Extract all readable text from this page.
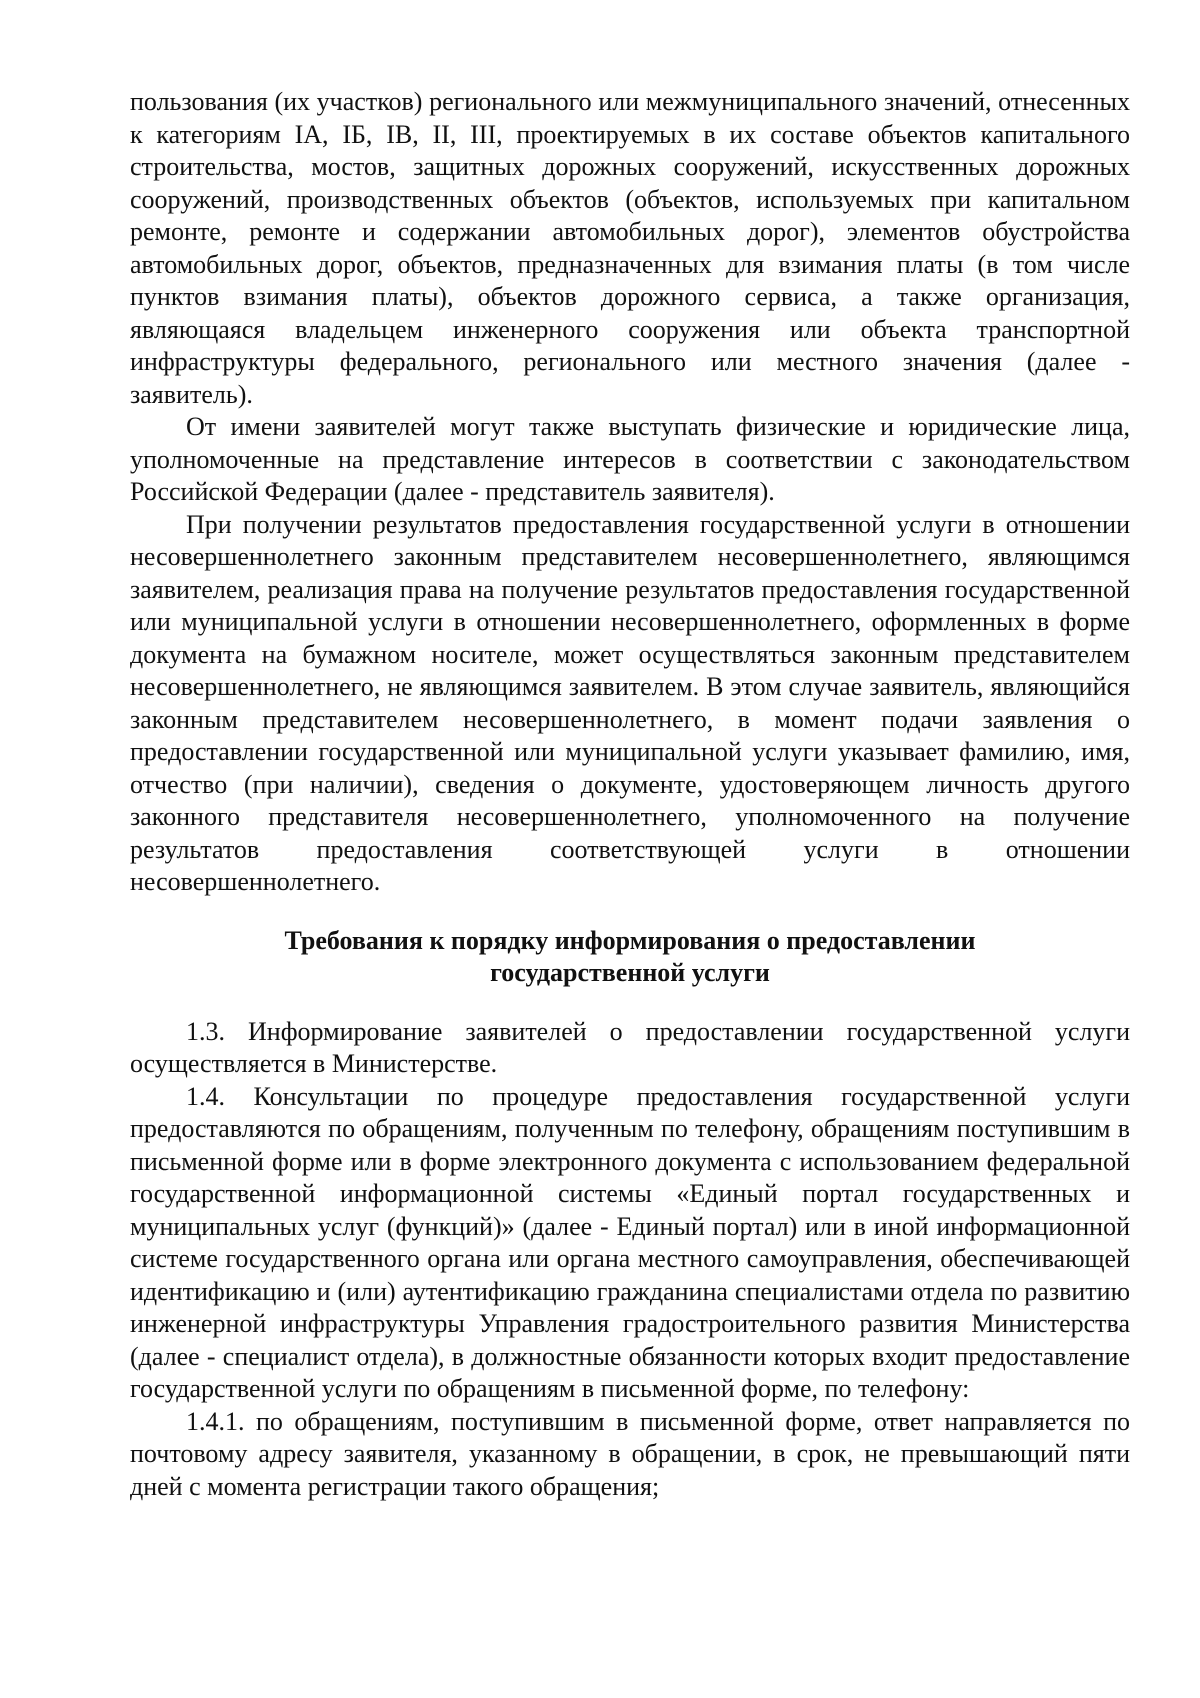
пользования (их участков) регионального или межмуниципального значений, отнесенных к категориям IA, IБ, IB, II, III, проектируемых в их составе объектов капитального строительства, мостов, защитных дорожных сооружений, искусственных дорожных сооружений, производственных объектов (объектов, используемых при капитальном ремонте, ремонте и содержании автомобильных дорог), элементов обустройства автомобильных дорог, объектов, предназначенных для взимания платы (в том числе пунктов взимания платы), объектов дорожного сервиса, а также организация, являющаяся владельцем инженерного сооружения или объекта транспортной инфраструктуры федерального, регионального или местного значения (далее - заявитель).

От имени заявителей могут также выступать физические и юридические лица, уполномоченные на представление интересов в соответствии с законодательством Российской Федерации (далее - представитель заявителя).

При получении результатов предоставления государственной услуги в отношении несовершеннолетнего законным представителем несовершеннолетнего, являющимся заявителем, реализация права на получение результатов предоставления государственной или муниципальной услуги в отношении несовершеннолетнего, оформленных в форме документа на бумажном носителе, может осуществляться законным представителем несовершеннолетнего, не являющимся заявителем. В этом случае заявитель, являющийся законным представителем несовершеннолетнего, в момент подачи заявления о предоставлении государственной или муниципальной услуги указывает фамилию, имя, отчество (при наличии), сведения о документе, удостоверяющем личность другого законного представителя несовершеннолетнего, уполномоченного на получение результатов предоставления соответствующей услуги в отношении несовершеннолетнего.

Требования к порядку информирования о предоставлении
государственной услуги

1.3. Информирование заявителей о предоставлении государственной услуги осуществляется в Министерстве.

1.4. Консультации по процедуре предоставления государственной услуги предоставляются по обращениям, полученным по телефону, обращениям поступившим в письменной форме или в форме электронного документа с использованием федеральной государственной информационной системы «Единый портал государственных и муниципальных услуг (функций)» (далее - Единый портал) или в иной информационной системе государственного органа или органа местного самоуправления, обеспечивающей идентификацию и (или) аутентификацию гражданина специалистами отдела по развитию инженерной инфраструктуры Управления градостроительного развития Министерства (далее - специалист отдела), в должностные обязанности которых входит предоставление государственной услуги по обращениям в письменной форме, по телефону:

1.4.1. по обращениям, поступившим в письменной форме, ответ направляется по почтовому адресу заявителя, указанному в обращении, в срок, не превышающий пяти дней с момента регистрации такого обращения;
